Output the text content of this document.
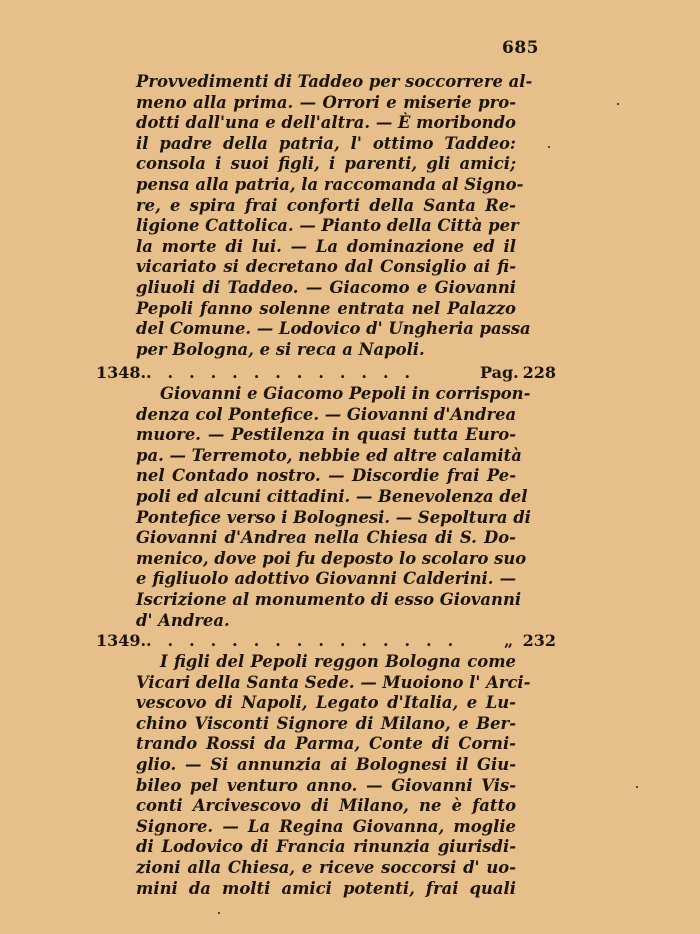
685
Provvedimenti di Taddeo per soccorrere al-
meno alla prima. — Orrori e miserie pro-
dotti dall'una e dell'altra. — È moribondo
il padre della patria, l' ottimo Taddeo:
consola i suoi figli, i parenti, gli amici;
pensa alla patria, la raccomanda al Signo-
re, e spira frai conforti della Santa Re-
ligione Cattolica. — Pianto della Città per
la morte di lui. — La dominazione ed il
vicariato si decretano dal Consiglio ai fi-
gliuoli di Taddeo. — Giacomo e Giovanni
Pepoli fanno solenne entrata nel Palazzo
del Comune. — Lodovico d' Ungheria passa
per Bologna, e si reca a Napoli.
1348. . . . . . . . . . . . . .	Pag. 228
Giovanni e Giacomo Pepoli in corrispon-
denza col Pontefice. — Giovanni d'Andrea
muore. — Pestilenza in quasi tutta Euro-
pa. — Terremoto, nebbie ed altre calamità
nel Contado nostro. — Discordie frai Pe-
poli ed alcuni cittadini. — Benevolenza del
Pontefice verso i Bolognesi. — Sepoltura di
Giovanni d'Andrea nella Chiesa di S. Do-
menico, dove poi fu deposto lo scolaro suo
e figliuolo adottivo Giovanni Calderini. —
Iscrizione al monumento di esso Giovanni
d' Andrea.
1349. . . . . . . . . . . . . . . .	„ 232
I figli del Pepoli reggon Bologna come
Vicari della Santa Sede. — Muoiono l' Arci-
vescovo di Napoli, Legato d'Italia, e Lu-
chino Visconti Signore di Milano, e Ber-
trando Rossi da Parma, Conte di Corni-
glio. — Si annunzia ai Bolognesi il Giu-
bileo pel venturo anno. — Giovanni Vis-
conti Arcivescovo di Milano, ne è fatto
Signore. — La Regina Giovanna, moglie
di Lodovico di Francia rinunzia giurisdi-
zioni alla Chiesa, e riceve soccorsi d' uo-
mini da molti amici potenti, frai quali
